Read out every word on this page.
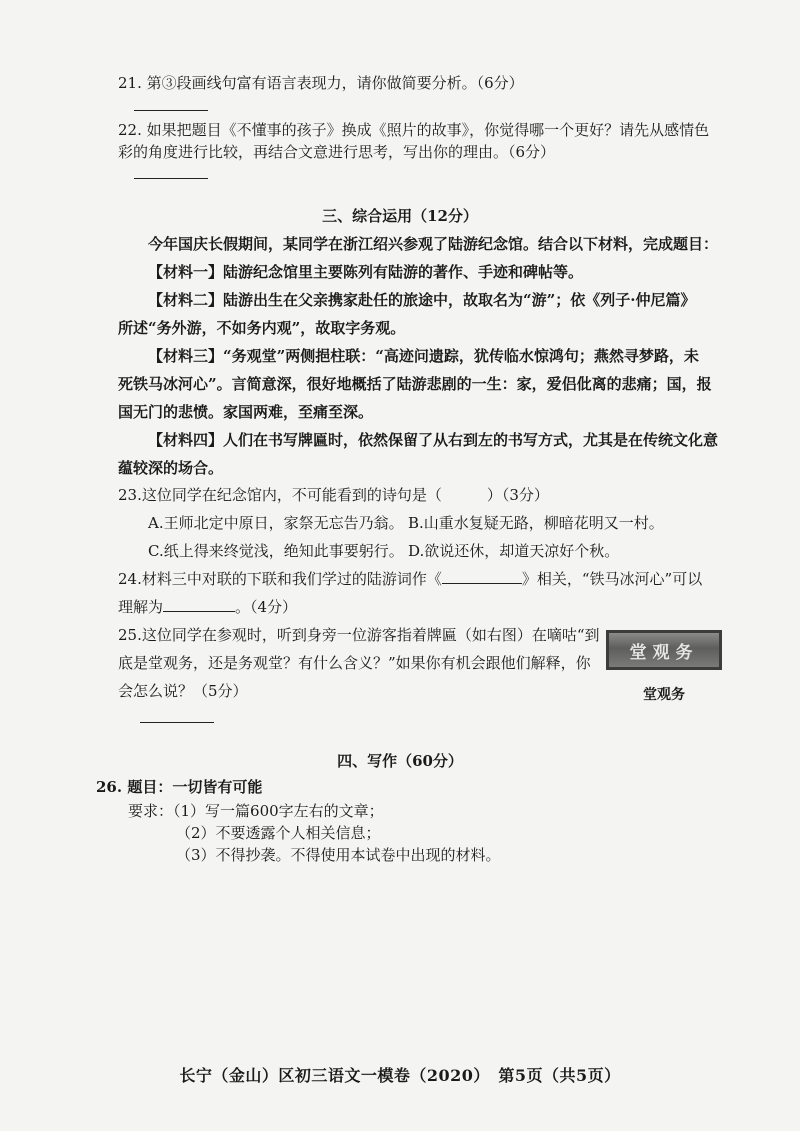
21. 第③段画线句富有语言表现力，请你做简要分析。（6分）
22. 如果把题目《不懂事的孩子》换成《照片的故事》，你觉得哪一个更好？请先从感情色
彩的角度进行比较，再结合文意进行思考，写出你的理由。（6分）
三、综合运用（12分）
今年国庆长假期间，某同学在浙江绍兴参观了陆游纪念馆。结合以下材料，完成题目：
【材料一】陆游纪念馆里主要陈列有陆游的著作、手迹和碑帖等。
【材料二】陆游出生在父亲携家赴任的旅途中，故取名为“游”；依《列子·仲尼篇》
所述“务外游，不如务内观”，故取字务观。
【材料三】“务观堂”两侧挹柱联：“高迹问遗踪，犹传临水惊鸿句；燕然寻梦路，未
死铁马冰河心”。言简意深，很好地概括了陆游悲剧的一生：家，爱侣仳离的悲痛；国，报
国无门的悲愤。家国两难，至痛至深。
【材料四】人们在书写牌匾时，依然保留了从右到左的书写方式，尤其是在传统文化意
蕴较深的场合。
23.这位同学在纪念馆内，不可能看到的诗句是（　　　）（3分）
A.王师北定中原日，家祭无忘告乃翁。 B.山重水复疑无路，柳暗花明又一村。
C.纸上得来终觉浅，绝知此事要躬行。 D.欲说还休，却道天凉好个秋。
24.材料三中对联的下联和我们学过的陆游词作《	》相关，“铁马冰河心”可以
理解为	。（4分）
25.这位同学在参观时，听到身旁一位游客指着牌匾（如右图）在嘀咕“到
底是堂观务，还是务观堂？有什么含义？”如果你有机会跟他们解释，你
会怎么说？（5分）
堂观务
堂观务
四、写作（60分）
26. 题目：一切皆有可能
要求：（1）写一篇600字左右的文章；
（2）不要透露个人相关信息；
（3）不得抄袭。不得使用本试卷中出现的材料。
长宁（金山）区初三语文一模卷（2020）　第5页（共5页）
